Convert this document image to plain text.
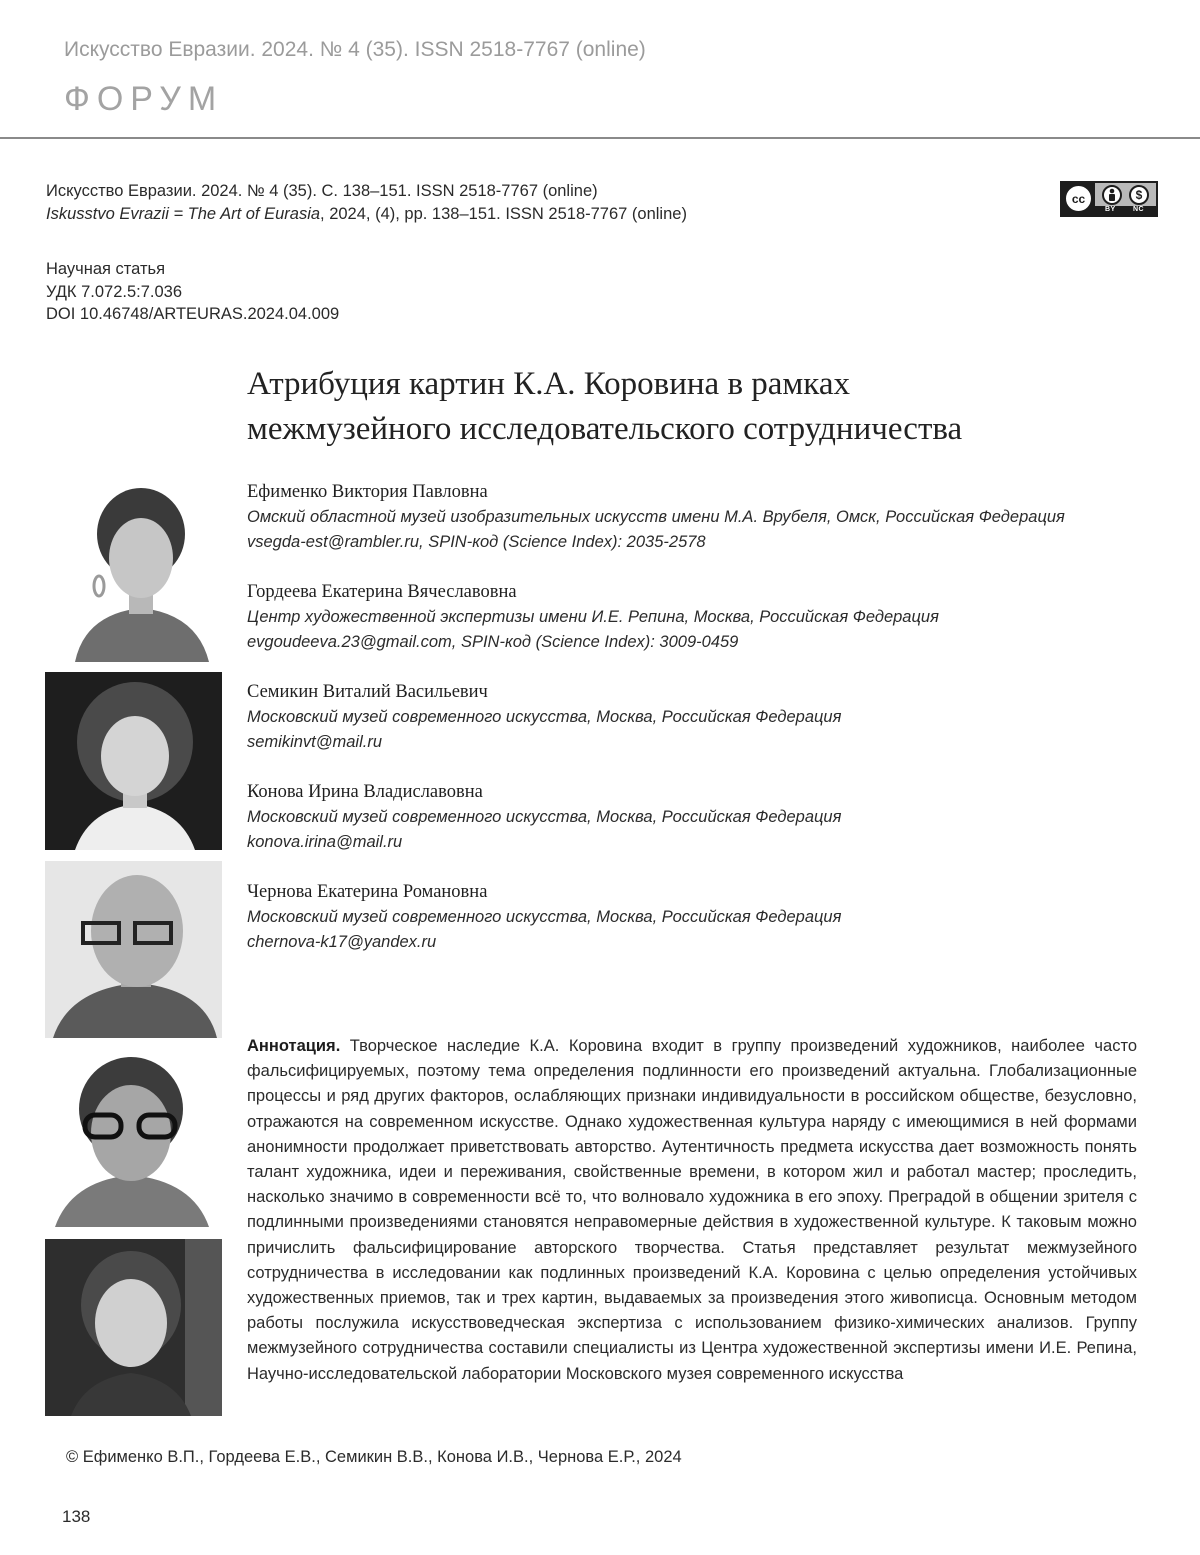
Искусство Евразии. 2024. № 4 (35). ISSN 2518-7767 (online)
ФОРУМ
Искусство Евразии. 2024. № 4 (35). С. 138–151. ISSN 2518-7767 (online)
Iskusstvo Evrazii = The Art of Eurasia, 2024, (4), pp. 138–151. ISSN 2518-7767 (online)
cc	$
BY NC
Научная статья
УДК 7.072.5:7.036
DOI 10.46748/ARTEURAS.2024.04.009
Атрибуция картин К.А. Коровина в рамках
межмузейного исследовательского сотрудничества
Ефименко Виктория Павловна
Омский областной музей изобразительных искусств имени М.А. Врубеля, Омск, Российская Федерация
vsegda-est@rambler.ru, SPIN-код (Science Index): 2035-2578
Гордеева Екатерина Вячеславовна
Центр художественной экспертизы имени И.Е. Репина, Москва, Российская Федерация
evgoudeeva.23@gmail.com, SPIN-код (Science Index): 3009-0459
Семикин Виталий Васильевич
Московский музей современного искусства, Москва, Российская Федерация
semikinvt@mail.ru
Конова Ирина Владиславовна
Московский музей современного искусства, Москва, Российская Федерация
konova.irina@mail.ru
Чернова Екатерина Романовна
Московский музей современного искусства, Москва, Российская Федерация
chernova-k17@yandex.ru
Аннотация. Творческое наследие К.А. Коровина входит в группу произведений художников, наиболее часто фальсифицируемых, поэтому тема определения подлинности его произведений актуальна. Глобализационные процессы и ряд других факторов, ослабляющих признаки индивидуальности в российском обществе, безусловно, отражаются на современном искусстве. Однако художественная культура наряду с имеющимися в ней формами анонимности продолжает приветствовать авторство. Аутентичность предмета искусства дает возможность понять талант художника, идеи и переживания, свойственные времени, в котором жил и работал мастер; проследить, насколько значимо в современности всё то, что волновало художника в его эпоху. Преградой в общении зрителя с подлинными произведениями становятся неправомерные действия в художественной культуре. К таковым можно причислить фальсифицирование авторского творчества. Статья представляет результат межмузейного сотрудничества в исследовании как подлинных произведений К.А. Коровина с целью определения устойчивых художественных приемов, так и трех картин, выдаваемых за произведения этого живописца. Основным методом работы послужила искусствоведческая экспертиза с использованием физико-химических анализов. Группу межмузейного сотрудничества составили специалисты из Центра художественной экспертизы имени И.Е. Репина, Научно-исследовательской лаборатории Московского музея современного искусства
© Ефименко В.П., Гордеева Е.В., Семикин В.В., Конова И.В., Чернова Е.Р., 2024
138
